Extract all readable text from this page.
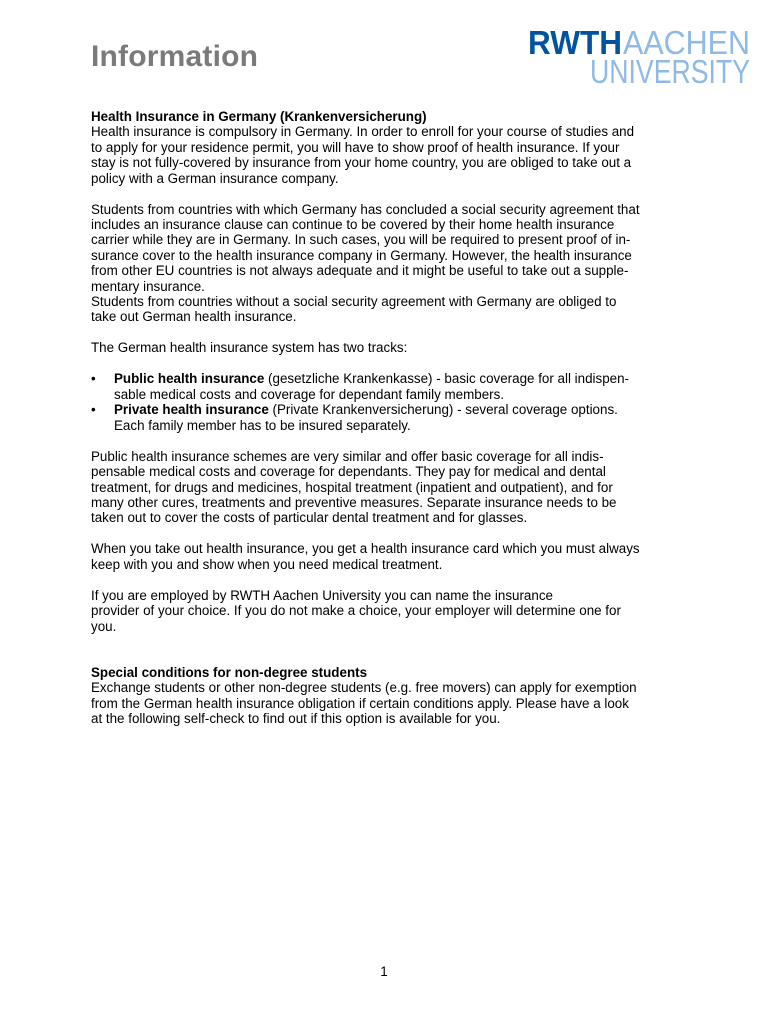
Information	RWTH AACHEN
UNIVERSITY
Health Insurance in Germany (Krankenversicherung)

Health insurance is compulsory in Germany. In order to enroll for your course of studies and

to apply for your residence permit, you will have to show proof of health insurance. If your

stay is not fully-covered by insurance from your home country, you are obliged to take out a

policy with a German insurance company.

Students from countries with which Germany has concluded a social security agreement that

includes an insurance clause can continue to be covered by their home health insurance

carrier while they are in Germany. In such cases, you will be required to present proof of in-

surance cover to the health insurance company in Germany. However, the health insurance

from other EU countries is not always adequate and it might be useful to take out a supple-

mentary insurance.

Students from countries without a social security agreement with Germany are obliged to

take out German health insurance.

The German health insurance system has two tracks:

• Public health insurance (gesetzliche Krankenkasse) - basic coverage for all indispen-

sable medical costs and coverage for dependant family members.

• Private health insurance (Private Krankenversicherung) - several coverage options.

Each family member has to be insured separately.

Public health insurance schemes are very similar and offer basic coverage for all indis-

pensable medical costs and coverage for dependants. They pay for medical and dental

treatment, for drugs and medicines, hospital treatment (inpatient and outpatient), and for

many other cures, treatments and preventive measures. Separate insurance needs to be

taken out to cover the costs of particular dental treatment and for glasses.

When you take out health insurance, you get a health insurance card which you must always

keep with you and show when you need medical treatment.

If you are employed by RWTH Aachen University you can name the insurance

provider of your choice. If you do not make a choice, your employer will determine one for

you.

Special conditions for non-degree students

Exchange students or other non-degree students (e.g. free movers) can apply for exemption

from the German health insurance obligation if certain conditions apply. Please have a look

at the following self-check to find out if this option is available for you.

1
